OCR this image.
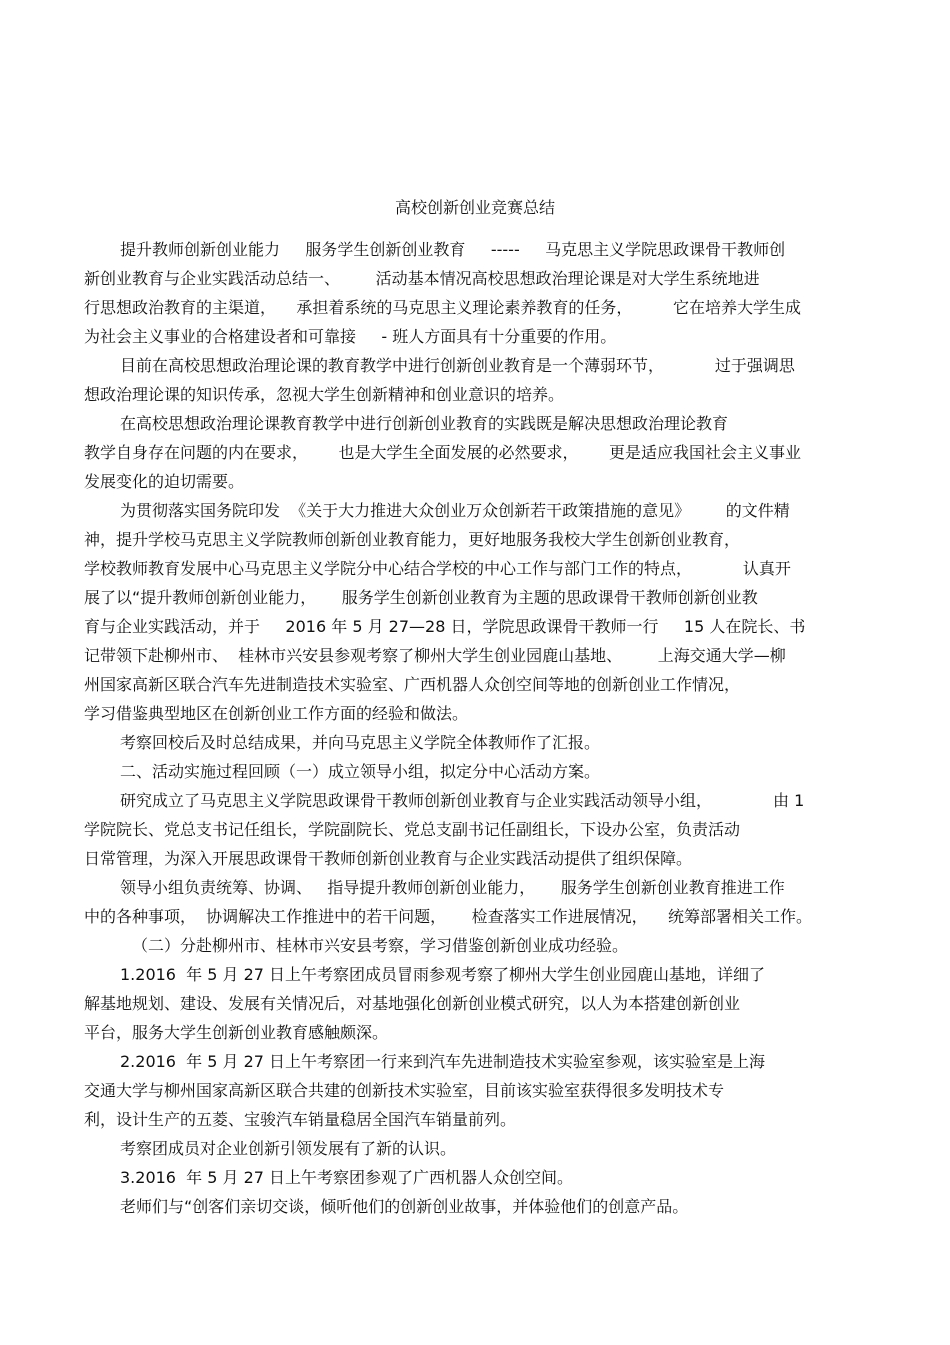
高校创新创业竞赛总结
提升教师创新创业能力     服务学生创新创业教育     -----     马克思主义学院思政课骨干教师创
新创业教育与企业实践活动总结一、       活动基本情况高校思想政治理论课是对大学生系统地进
行思想政治教育的主渠道，    承担着系统的马克思主义理论素养教育的任务，        它在培养大学生成
为社会主义事业的合格建设者和可靠接     - 班人方面具有十分重要的作用。
目前在高校思想政治理论课的教育教学中进行创新创业教育是一个薄弱环节，          过于强调思
想政治理论课的知识传承，忽视大学生创新精神和创业意识的培养。
在高校思想政治理论课教育教学中进行创新创业教育的实践既是解决思想政治理论教育
教学自身存在问题的内在要求，      也是大学生全面发展的必然要求，      更是适应我国社会主义事业
发展变化的迫切需要。
为贯彻落实国务院印发  《关于大力推进大众创业万众创新若干政策措施的意见》       的文件精
神，提升学校马克思主义学院教师创新创业教育能力，更好地服务我校大学生创新创业教育，
学校教师教育发展中心马克思主义学院分中心结合学校的中心工作与部门工作的特点，          认真开
展了以“提升教师创新创业能力，     服务学生创新创业教育为主题的思政课骨干教师创新创业教
育与企业实践活动，并于     2016 年 5 月 27—28 日，学院思政课骨干教师一行     15 人在院长、书
记带领下赴柳州市、  桂林市兴安县参观考察了柳州大学生创业园鹿山基地、       上海交通大学—柳
州国家高新区联合汽车先进制造技术实验室、广西机器人众创空间等地的创新创业工作情况，
学习借鉴典型地区在创新创业工作方面的经验和做法。
考察回校后及时总结成果，并向马克思主义学院全体教师作了汇报。
二、活动实施过程回顾（一）成立领导小组，拟定分中心活动方案。
研究成立了马克思主义学院思政课骨干教师创新创业教育与企业实践活动领导小组，            由 1
学院院长、党总支书记任组长，学院副院长、党总支副书记任副组长，下设办公室，负责活动
日常管理，为深入开展思政课骨干教师创新创业教育与企业实践活动提供了组织保障。
领导小组负责统筹、协调、   指导提升教师创新创业能力，     服务学生创新创业教育推进工作
中的各种事项，  协调解决工作推进中的若干问题，     检查落实工作进展情况，    统筹部署相关工作。
（二）分赴柳州市、桂林市兴安县考察，学习借鉴创新创业成功经验。
1.2016  年 5 月 27 日上午考察团成员冒雨参观考察了柳州大学生创业园鹿山基地，详细了
解基地规划、建设、发展有关情况后，对基地强化创新创业模式研究，以人为本搭建创新创业
平台，服务大学生创新创业教育感触颇深。
2.2016  年 5 月 27 日上午考察团一行来到汽车先进制造技术实验室参观，该实验室是上海
交通大学与柳州国家高新区联合共建的创新技术实验室，目前该实验室获得很多发明技术专
利，设计生产的五菱、宝骏汽车销量稳居全国汽车销量前列。
考察团成员对企业创新引领发展有了新的认识。
3.2016  年 5 月 27 日上午考察团参观了广西机器人众创空间。
老师们与“创客们亲切交谈，倾听他们的创新创业故事，并体验他们的创意产品。
